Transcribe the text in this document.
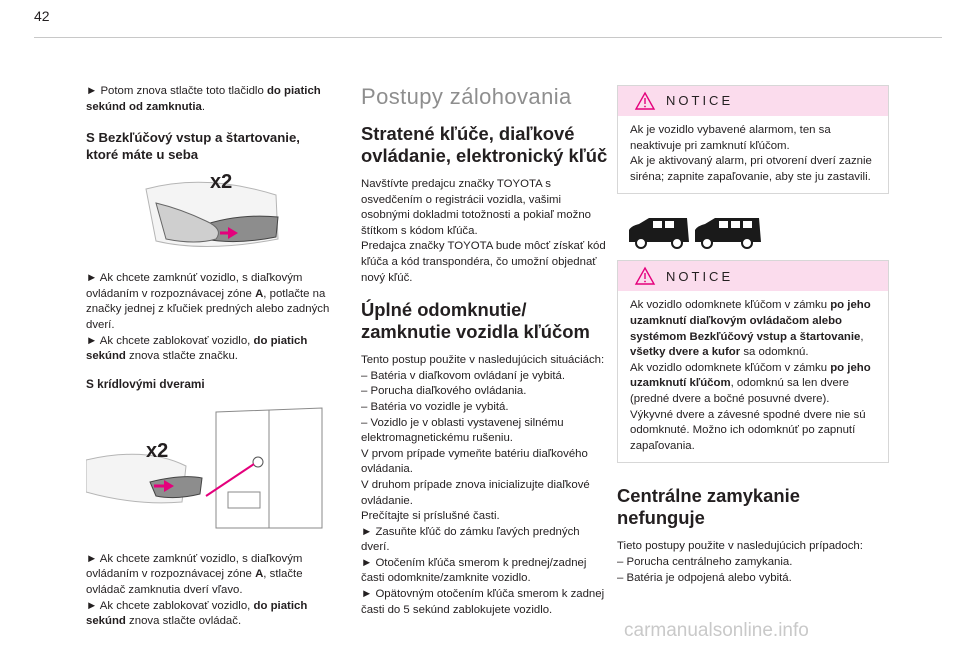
42

► Potom znova stlačte toto tlačidlo do piatich sekúnd od zamknutia.

S Bezkľúčový vstup a štartovanie, ktoré máte u seba

x2

► Ak chcete zamknúť vozidlo, s diaľkovým ovládaním v rozpoznávacej zóne A, potlačte na značky jednej z kľučiek predných alebo zadných dverí.

► Ak chcete zablokovať vozidlo, do piatich sekúnd znova stlačte značku.

S krídlovými dverami

x2

► Ak chcete zamknúť vozidlo, s diaľkovým ovládaním v rozpoznávacej zóne A, stlačte ovládač zamknutia dverí vľavo.

► Ak chcete zablokovať vozidlo, do piatich sekúnd znova stlačte ovládač.

Postupy zálohovania

Stratené kľúče, diaľkové ovládanie, elektronický kľúč

Navštívte predajcu značky TOYOTA s osvedčením o registrácii vozidla, vašimi osobnými dokladmi totožnosti a pokiaľ možno štítkom s kódom kľúča.

Predajca značky TOYOTA bude môcť získať kód kľúča a kód transpondéra, čo umožní objednať nový kľúč.

Úplné odomknutie/ zamknutie vozidla kľúčom

Tento postup použite v nasledujúcich situáciách:

– Batéria v diaľkovom ovládaní je vybitá.

– Porucha diaľkového ovládania.

– Batéria vo vozidle je vybitá.

– Vozidlo je v oblasti vystavenej silnému elektromagnetickému rušeniu.

V prvom prípade vymeňte batériu diaľkového ovládania.

V druhom prípade znova inicializujte diaľkové ovládanie.

Prečítajte si príslušné časti.

► Zasuňte kľúč do zámku ľavých predných dverí.

► Otočením kľúča smerom k prednej/zadnej časti odomknite/zamknite vozidlo.

► Opätovným otočením kľúča smerom k zadnej časti do 5 sekúnd zablokujete vozidlo.

NOTICE

Ak je vozidlo vybavené alarmom, ten sa neaktivuje pri zamknutí kľúčom.

Ak je aktivovaný alarm, pri otvorení dverí zaznie siréna; zapnite zapaľovanie, aby ste ju zastavili.

NOTICE

Ak vozidlo odomknete kľúčom v zámku po jeho uzamknutí diaľkovým ovládačom alebo systémom Bezkľúčový vstup a štartovanie, všetky dvere a kufor sa odomknú.

Ak vozidlo odomknete kľúčom v zámku po jeho uzamknutí kľúčom, odomknú sa len dvere (predné dvere a bočné posuvné dvere).

Výkyvné dvere a závesné spodné dvere nie sú odomknuté. Možno ich odomknúť po zapnutí zapaľovania.

Centrálne zamykanie nefunguje

Tieto postupy použite v nasledujúcich prípadoch:

– Porucha centrálneho zamykania.

– Batéria je odpojená alebo vybitá.

carmanualsonline.info
